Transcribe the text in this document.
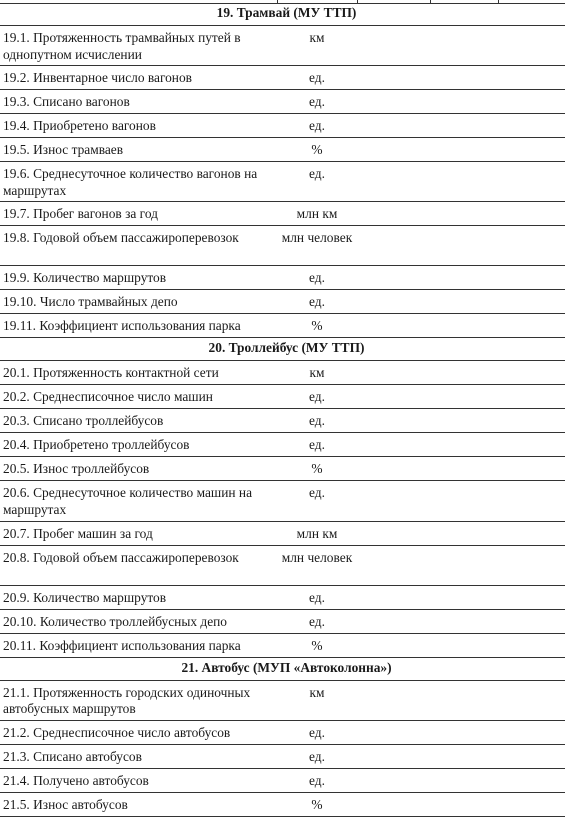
19. Трамвай (МУ ТТП)		
19.1. Протяженность трамвайных путей в однопутном исчислении	км	
19.2. Инвентарное число вагонов	ед.	
19.3. Списано вагонов	ед.	
19.4. Приобретено вагонов	ед.	
19.5. Износ трамваев	%	
19.6. Среднесуточное количество вагонов на маршрутах	ед.	
19.7. Пробег вагонов за год	млн км	
19.8. Годовой объем пассажироперевозок	млн человек	
19.9. Количество маршрутов	ед.	
19.10. Число трамвайных депо	ед.	
19.11. Коэффициент использования парка	%	
20. Троллейбус (МУ ТТП)		
20.1. Протяженность контактной сети	км	
20.2. Среднесписочное число машин	ед.	
20.3. Списано троллейбусов	ед.	
20.4. Приобретено троллейбусов	ед.	
20.5. Износ троллейбусов	%	
20.6. Среднесуточное количество машин на маршрутах	ед.	
20.7. Пробег машин за год	млн км	
20.8. Годовой объем пассажироперевозок	млн человек	
20.9. Количество маршрутов	ед.	
20.10. Количество троллейбусных депо	ед.	
20.11. Коэффициент использования парка	%	
21. Автобус (МУП «Автоколонна»)		
21.1. Протяженность городских одиночных автобусных маршрутов	км	
21.2. Среднесписочное число автобусов	ед.	
21.3. Списано автобусов	ед.	
21.4. Получено автобусов	ед.	
21.5. Износ автобусов	%	
